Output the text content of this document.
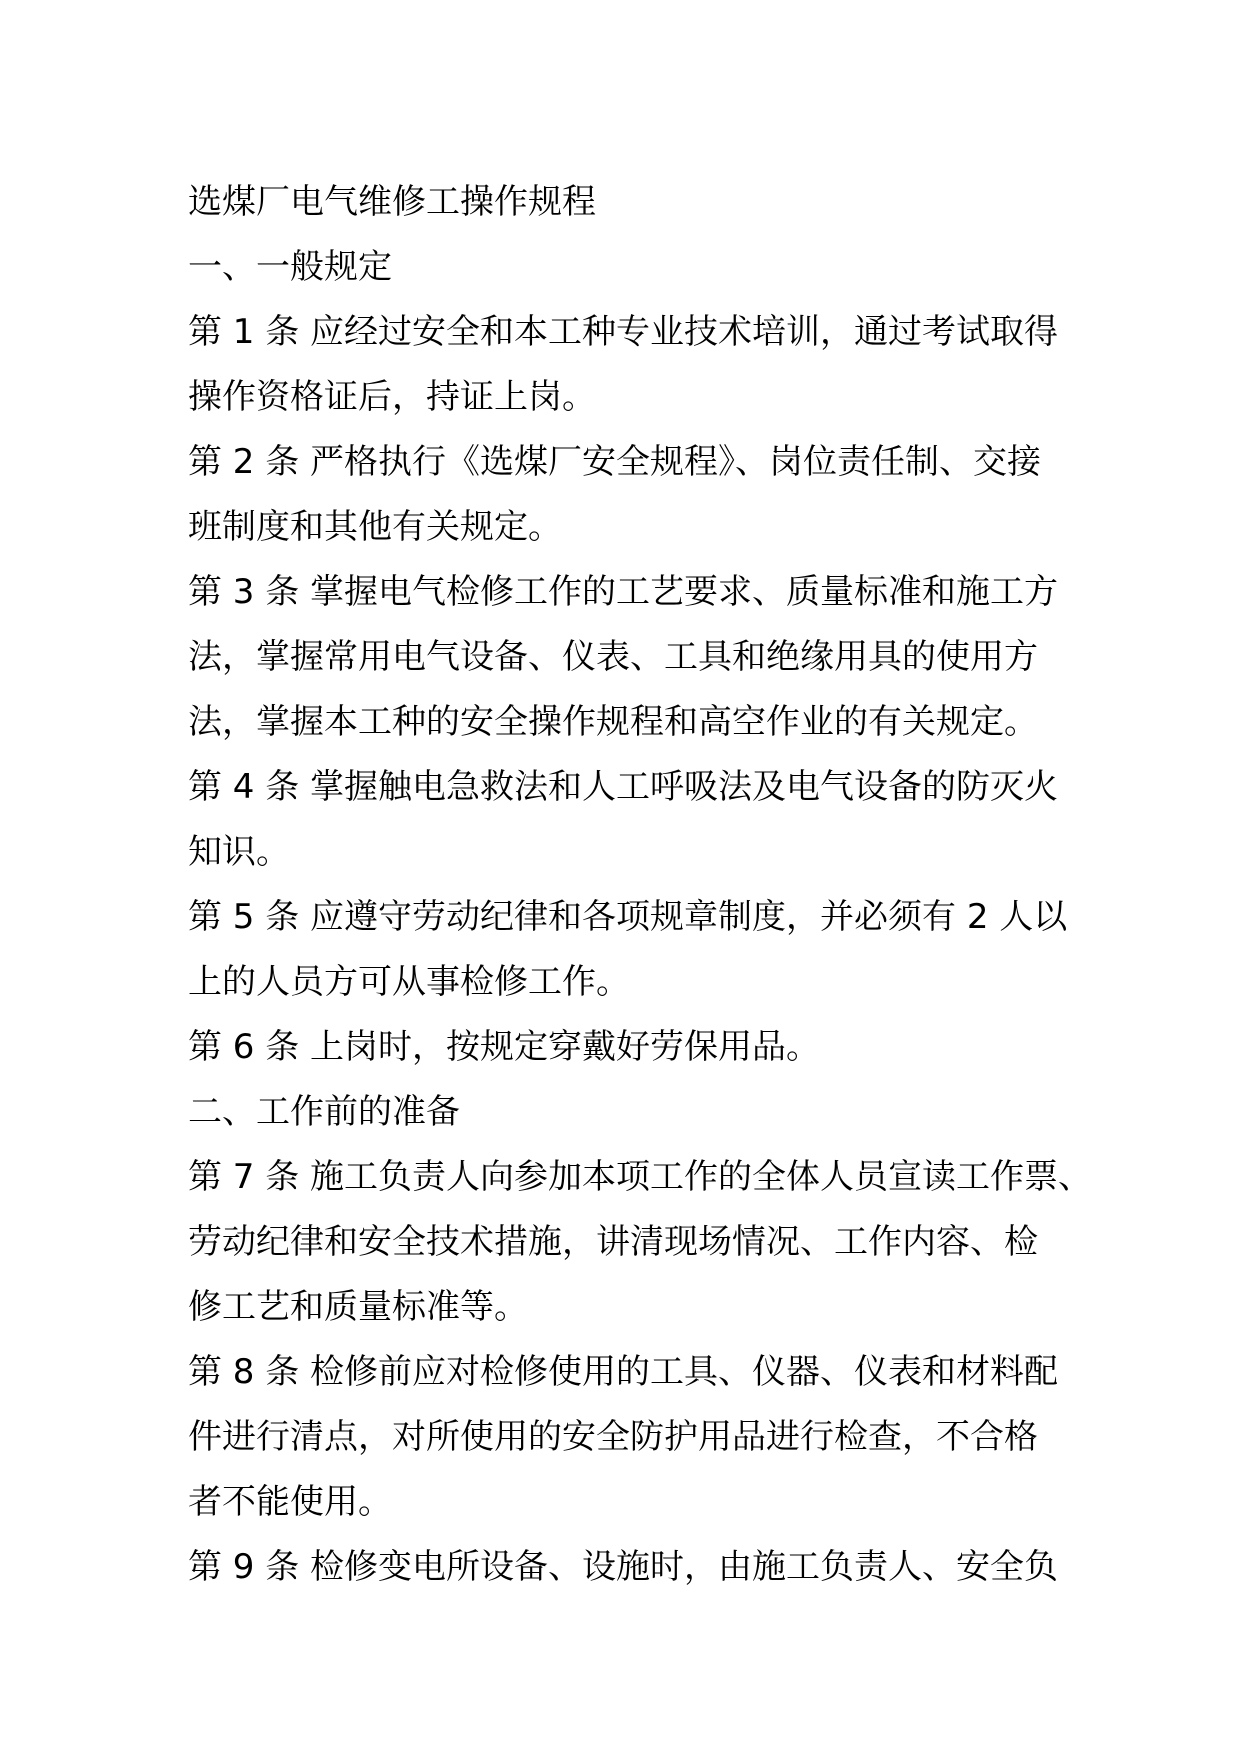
选煤厂电气维修工操作规程
一、一般规定
第 1 条 应经过安全和本工种专业技术培训，通过考试取得
操作资格证后，持证上岗。
第 2 条 严格执行《选煤厂安全规程》、岗位责任制、交接
班制度和其他有关规定。
第 3 条 掌握电气检修工作的工艺要求、质量标准和施工方
法，掌握常用电气设备、仪表、工具和绝缘用具的使用方
法，掌握本工种的安全操作规程和高空作业的有关规定。
第 4 条 掌握触电急救法和人工呼吸法及电气设备的防灭火
知识。
第 5 条 应遵守劳动纪律和各项规章制度，并必须有 2 人以
上的人员方可从事检修工作。
第 6 条 上岗时，按规定穿戴好劳保用品。
二、工作前的准备
第 7 条 施工负责人向参加本项工作的全体人员宣读工作票、
劳动纪律和安全技术措施，讲清现场情况、工作内容、检
修工艺和质量标准等。
第 8 条 检修前应对检修使用的工具、仪器、仪表和材料配
件进行清点，对所使用的安全防护用品进行检查，不合格
者不能使用。
第 9 条 检修变电所设备、设施时，由施工负责人、安全负
